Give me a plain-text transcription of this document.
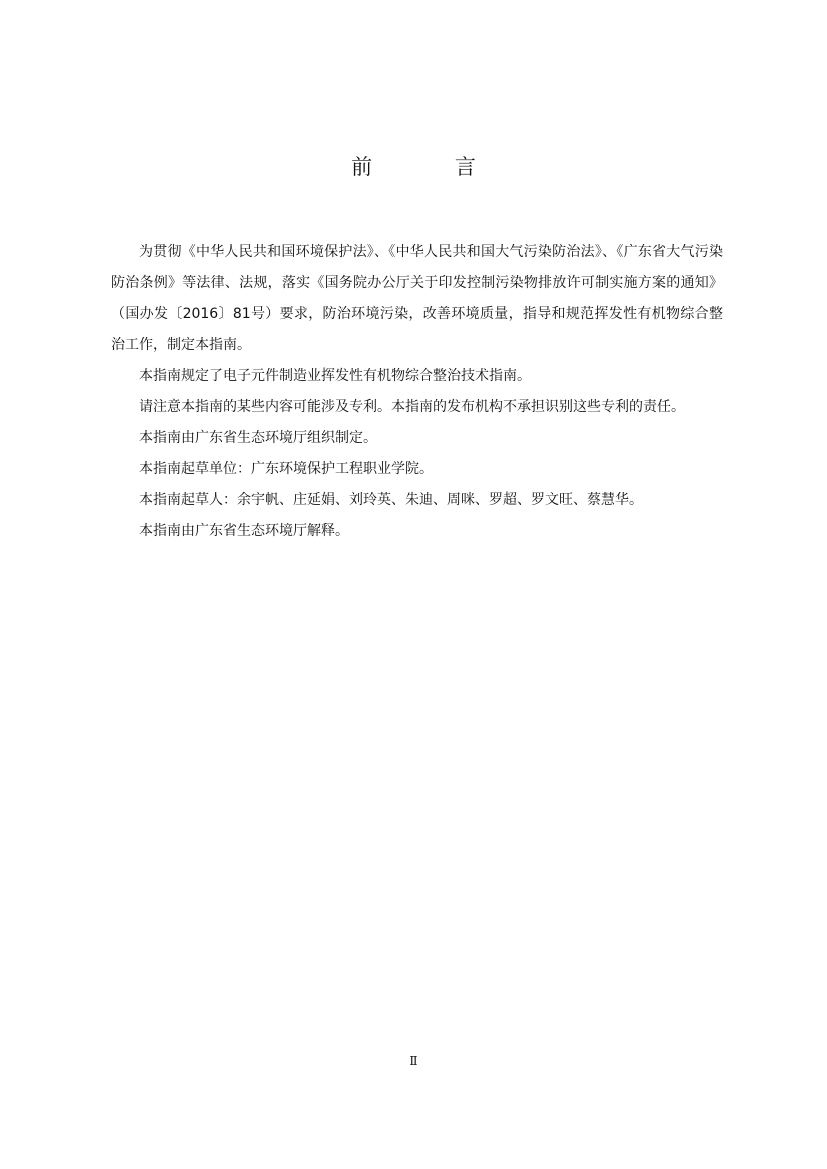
前 言

为贯彻《中华人民共和国环境保护法》、《中华人民共和国大气污染防治法》、《广东省大气污染防治条例》等法律、法规，落实《国务院办公厅关于印发控制污染物排放许可制实施方案的通知》（国办发〔2016〕81号）要求，防治环境污染，改善环境质量，指导和规范挥发性有机物综合整治工作，制定本指南。

本指南规定了电子元件制造业挥发性有机物综合整治技术指南。

请注意本指南的某些内容可能涉及专利。本指南的发布机构不承担识别这些专利的责任。

本指南由广东省生态环境厅组织制定。

本指南起草单位：广东环境保护工程职业学院。

本指南起草人：余宇帆、庄延娟、刘玲英、朱迪、周咪、罗超、罗文旺、蔡慧华。

本指南由广东省生态环境厅解释。

Ⅱ
